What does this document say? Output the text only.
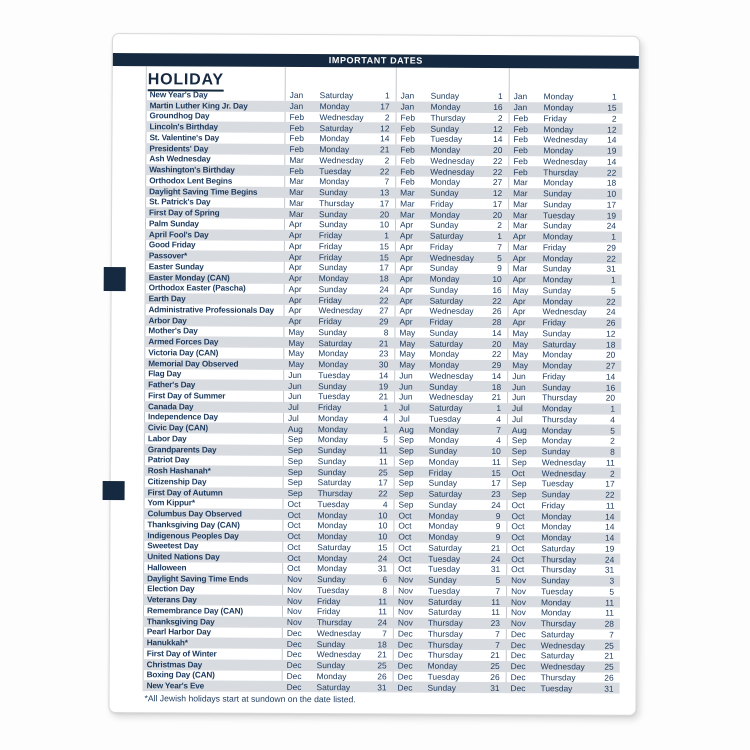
IMPORTANT DATES
HOLIDAY
New Year's Day	Jan	Saturday	1 Jan	Sunday	1 Jan	Monday	1
Martin Luther King Jr. Day	Jan	Monday	17 Jan	Monday	16 Jan	Monday	15
Groundhog Day	Feb	Wednesday	2 Feb	Thursday	2 Feb	Friday	2
Lincoln's Birthday	Feb	Saturday	12 Feb	Sunday	12 Feb	Monday	12
St. Valentine's Day	Feb	Monday	14 Feb	Tuesday	14 Feb	Wednesday	14
Presidents' Day	Feb	Monday	21 Feb	Monday	20 Feb	Monday	19
Ash Wednesday	Mar	Wednesday	2 Feb	Wednesday	22 Feb	Wednesday	14
Washington's Birthday	Feb	Tuesday	22 Feb	Wednesday	22 Feb	Thursday	22
Orthodox Lent Begins	Mar	Monday	7 Feb	Monday	27 Mar	Monday	18
Daylight Saving Time Begins	Mar	Sunday	13 Mar	Sunday	12 Mar	Sunday	10
St. Patrick's Day	Mar	Thursday	17 Mar	Friday	17 Mar	Sunday	17
First Day of Spring	Mar	Sunday	20 Mar	Monday	20 Mar	Tuesday	19
Palm Sunday	Apr	Sunday	10 Apr	Sunday	2 Mar	Sunday	24
April Fool's Day	Apr	Friday	1 Apr	Saturday	1 Apr	Monday	1
Good Friday	Apr	Friday	15 Apr	Friday	7 Mar	Friday	29
Passover*	Apr	Friday	15 Apr	Wednesday	5 Apr	Monday	22
Easter Sunday	Apr	Sunday	17 Apr	Sunday	9 Mar	Sunday	31
Easter Monday (CAN)	Apr	Monday	18 Apr	Monday	10 Apr	Monday	1
Orthodox Easter (Pascha)	Apr	Sunday	24 Apr	Sunday	16 May	Sunday	5
Earth Day	Apr	Friday	22 Apr	Saturday	22 Apr	Monday	22
Administrative Professionals Day	Apr	Wednesday	27 Apr	Wednesday	26 Apr	Wednesday	24
Arbor Day	Apr	Friday	29 Apr	Friday	28 Apr	Friday	26
Mother's Day	May	Sunday	8 May	Sunday	14 May	Sunday	12
Armed Forces Day	May	Saturday	21 May	Saturday	20 May	Saturday	18
Victoria Day (CAN)	May	Monday	23 May	Monday	22 May	Monday	20
Memorial Day Observed	May	Monday	30 May	Monday	29 May	Monday	27
Flag Day	Jun	Tuesday	14 Jun	Wednesday	14 Jun	Friday	14
Father's Day	Jun	Sunday	19 Jun	Sunday	18 Jun	Sunday	16
First Day of Summer	Jun	Tuesday	21 Jun	Wednesday	21 Jun	Thursday	20
Canada Day	Jul	Friday	1 Jul	Saturday	1 Jul	Monday	1
Independence Day	Jul	Monday	4 Jul	Tuesday	4 Jul	Thursday	4
Civic Day (CAN)	Aug	Monday	1 Aug	Monday	7 Aug	Monday	5
Labor Day	Sep	Monday	5 Sep	Monday	4 Sep	Monday	2
Grandparents Day	Sep	Sunday	11 Sep	Sunday	10 Sep	Sunday	8
Patriot Day	Sep	Sunday	11 Sep	Monday	11 Sep	Wednesday	11
Rosh Hashanah*	Sep	Sunday	25 Sep	Friday	15 Oct	Wednesday	2
Citizenship Day	Sep	Saturday	17 Sep	Sunday	17 Sep	Tuesday	17
First Day of Autumn	Sep	Thursday	22 Sep	Saturday	23 Sep	Sunday	22
Yom Kippur*	Oct	Tuesday	4 Sep	Sunday	24 Oct	Friday	11
Columbus Day Observed	Oct	Monday	10 Oct	Monday	9 Oct	Monday	14
Thanksgiving Day (CAN)	Oct	Monday	10 Oct	Monday	9 Oct	Monday	14
Indigenous Peoples Day	Oct	Monday	10 Oct	Monday	9 Oct	Monday	14
Sweetest Day	Oct	Saturday	15 Oct	Saturday	21 Oct	Saturday	19
United Nations Day	Oct	Monday	24 Oct	Tuesday	24 Oct	Thursday	24
Halloween	Oct	Monday	31 Oct	Tuesday	31 Oct	Thursday	31
Daylight Saving Time Ends	Nov	Sunday	6 Nov	Sunday	5 Nov	Sunday	3
Election Day	Nov	Tuesday	8 Nov	Tuesday	7 Nov	Tuesday	5
Veterans Day	Nov	Friday	11 Nov	Saturday	11 Nov	Monday	11
Remembrance Day (CAN)	Nov	Friday	11 Nov	Saturday	11 Nov	Monday	11
Thanksgiving Day	Nov	Thursday	24 Nov	Thursday	23 Nov	Thursday	28
Pearl Harbor Day	Dec	Wednesday	7 Dec	Thursday	7 Dec	Saturday	7
Hanukkah*	Dec	Sunday	18 Dec	Thursday	7 Dec	Wednesday	25
First Day of Winter	Dec	Wednesday	21 Dec	Thursday	21 Dec	Saturday	21
Christmas Day	Dec	Sunday	25 Dec	Monday	25 Dec	Wednesday	25
Boxing Day (CAN)	Dec	Monday	26 Dec	Tuesday	26 Dec	Thursday	26
New Year's Eve	Dec	Saturday	31 Dec	Sunday	31 Dec	Tuesday	31
*All Jewish holidays start at sundown on the date listed.
